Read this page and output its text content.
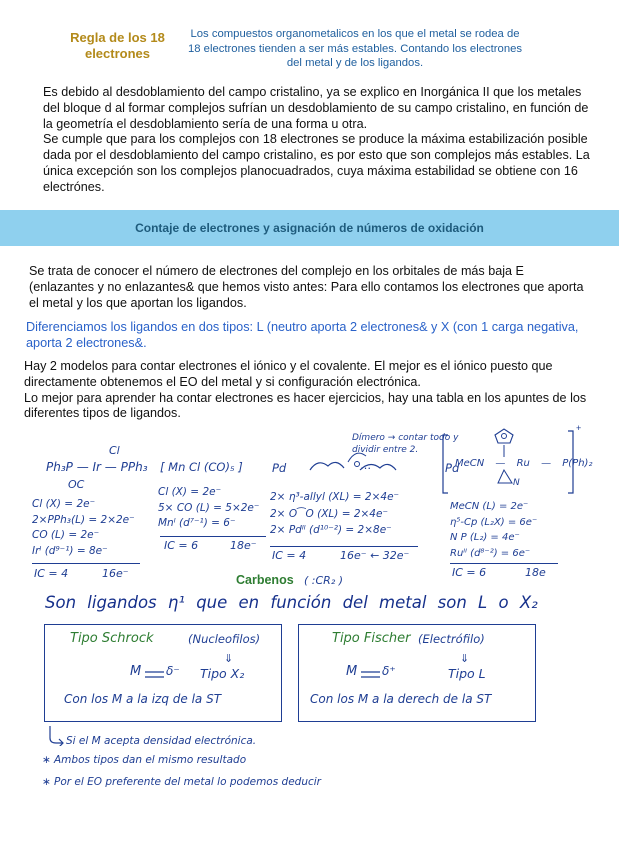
Regla de los 18 electrones
Los compuestos organometalicos en los que el metal se rodea de 18 electrones tienden a ser más estables. Contando los electrones del metal y de los ligandos.
Es debido al desdoblamiento del campo cristalino, ya se explico en Inorgánica II que los metales del bloque d al formar complejos sufrían un desdoblamiento de su campo cristalino, en función de la geometría el desdoblamiento sería de una forma u otra.
Se cumple que para los complejos con 18 electrones se produce la máxima estabilización posible dada por el desdoblamiento del campo cristalino, es por esto que son complejos más estables. La única excepción son los complejos planocuadrados, cuya máxima estabilidad se obtiene con 16 electrónes.
Contaje de electrones y asignación de números de oxidación
Se trata de conocer el número de electrones del complejo en los orbitales de más baja E (enlazantes y no enlazantes& que hemos visto antes: Para ello contamos los electrones que aporta el metal y los que aportan los ligandos.
Diferenciamos los ligandos en dos tipos: L (neutro aporta 2 electrones& y X (con 1 carga negativa, aporta 2 electrones&.
Hay 2 modelos para contar electrones el iónico y el covalente. El mejor es el iónico puesto que directamente obtenemos el EO del metal y si configuración electrónica.
Lo mejor para aprender ha contar electrones es hacer ejercicios, hay una tabla en los apuntes de los diferentes tipos de ligandos.
Cl
Ph₃P — Ir — PPh₃
OC
Cl (X) = 2e⁻
2×PPh₃(L) = 2×2e⁻
CO (L) = 2e⁻
Irᴵ (d⁹⁻¹) = 8e⁻
IC = 4	16e⁻
[ Mn Cl (CO)₅ ]
Cl (X) = 2e⁻
5× CO (L) = 5×2e⁻
Mnᴵ (d⁷⁻¹) = 6⁻
IC = 6	18e⁻
Dímero → contar todo y dividir entre 2.
Pd ⋯ Pd
2× η³-allyl (XL) = 2×4e⁻
2× O⁀O (XL) = 2×4e⁻
2× Pdᴵᴵ (d¹⁰⁻²) = 2×8e⁻
IC = 4	16e⁻ ← 32e⁻
+
MeCN — Ru — P(Ph)₂
N
MeCN (L) = 2e⁻
η⁵-Cp (L₂X) = 6e⁻
N P (L₂) = 4e⁻
Ruᴵᴵ (d⁸⁻²) = 6e⁻
IC = 6	18e
Carbenos ( :CR₂ )
Son ligandos η¹ que en función del metal son L o X₂
Tipo Schrock	(Nucleofilos)
M δ⁻
⇓
Tipo X₂
Con los M a la izq de la ST
Tipo Fischer (Electrófilo)
M δ⁺
⇓
Tipo L
Con los M a la derech de la ST
Si el M acepta densidad electrónica.
∗ Ambos tipos dan el mismo resultado
∗ Por el EO preferente del metal lo podemos deducir
